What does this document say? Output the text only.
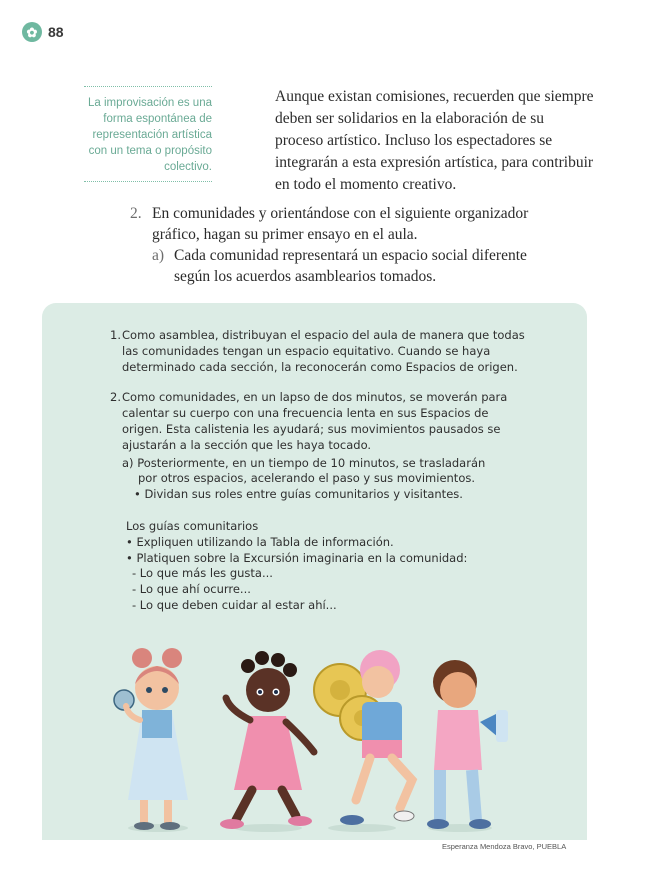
✿ 88
La improvisación es una forma espontánea de representación artística con un tema o propósito colectivo.

Aunque existan comisiones, recuerden que siempre deben ser solidarios en la elaboración de su proceso artístico. Incluso los espectadores se integrarán a esta expresión artística, para contribuir en todo el momento creativo.

2. En comunidades y orientándose con el siguiente organizador gráfico, hagan su primer ensayo en el aula.
a) Cada comunidad representará un espacio social diferente según los acuerdos asamblearios tomados.
1. Como asamblea, distribuyan el espacio del aula de manera que todas las comunidades tengan un espacio equitativo. Cuando se haya determinado cada sección, la reconocerán como Espacios de origen.
2. Como comunidades, en un lapso de dos minutos, se moverán para calentar su cuerpo con una frecuencia lenta en sus Espacios de origen. Esta calistenia les ayudará; sus movimientos pausados se ajustarán a la sección que les haya tocado.
a) Posteriormente, en un tiempo de 10 minutos, se trasladarán
por otros espacios, acelerando el paso y sus movimientos.
• Dividan sus roles entre guías comunitarios y visitantes.
Los guías comunitarios
• Expliquen utilizando la Tabla de información.
• Platiquen sobre la Excursión imaginaria en la comunidad:
- Lo que más les gusta...
- Lo que ahí ocurre...
- Lo que deben cuidar al estar ahí...
Esperanza Mendoza Bravo, PUEBLA
